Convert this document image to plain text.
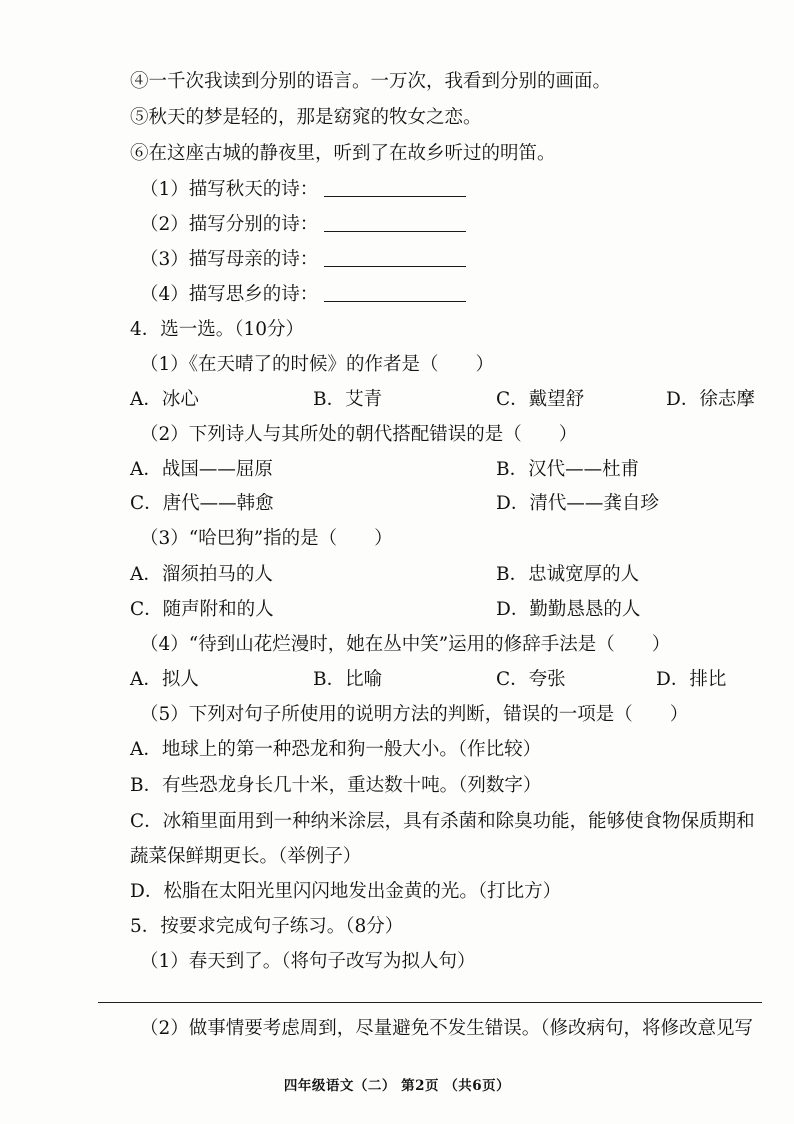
④一千次我读到分别的语言。一万次，我看到分别的画面。
⑤秋天的梦是轻的，那是窈窕的牧女之恋。
⑥在这座古城的静夜里，听到了在故乡听过的明笛。
（1）描写秋天的诗：
（2）描写分别的诗：
（3）描写母亲的诗：
（4）描写思乡的诗：
4．选一选。（10分）
（1）《在天晴了的时候》的作者是（　　）
A．冰心	B．艾青	C．戴望舒	D．徐志摩
（2）下列诗人与其所处的朝代搭配错误的是（　　）
A．战国——屈原	B．汉代——杜甫
C．唐代——韩愈	D．清代——龚自珍
（3）“哈巴狗”指的是（　　）
A．溜须拍马的人	B．忠诚宽厚的人
C．随声附和的人	D．勤勤恳恳的人
（4）“待到山花烂漫时，她在丛中笑”运用的修辞手法是（　　）
A．拟人	B．比喻	C．夸张	D．排比
（5）下列对句子所使用的说明方法的判断，错误的一项是（　　）
A．地球上的第一种恐龙和狗一般大小。（作比较）
B．有些恐龙身长几十米，重达数十吨。（列数字）
C．冰箱里面用到一种纳米涂层，具有杀菌和除臭功能，能够使食物保质期和
蔬菜保鲜期更长。（举例子）
D．松脂在太阳光里闪闪地发出金黄的光。（打比方）
5．按要求完成句子练习。（8分）
（1）春天到了。（将句子改写为拟人句）
（2）做事情要考虑周到，尽量避免不发生错误。（修改病句，将修改意见写
四年级语文（二） 第2页 （共6页）
